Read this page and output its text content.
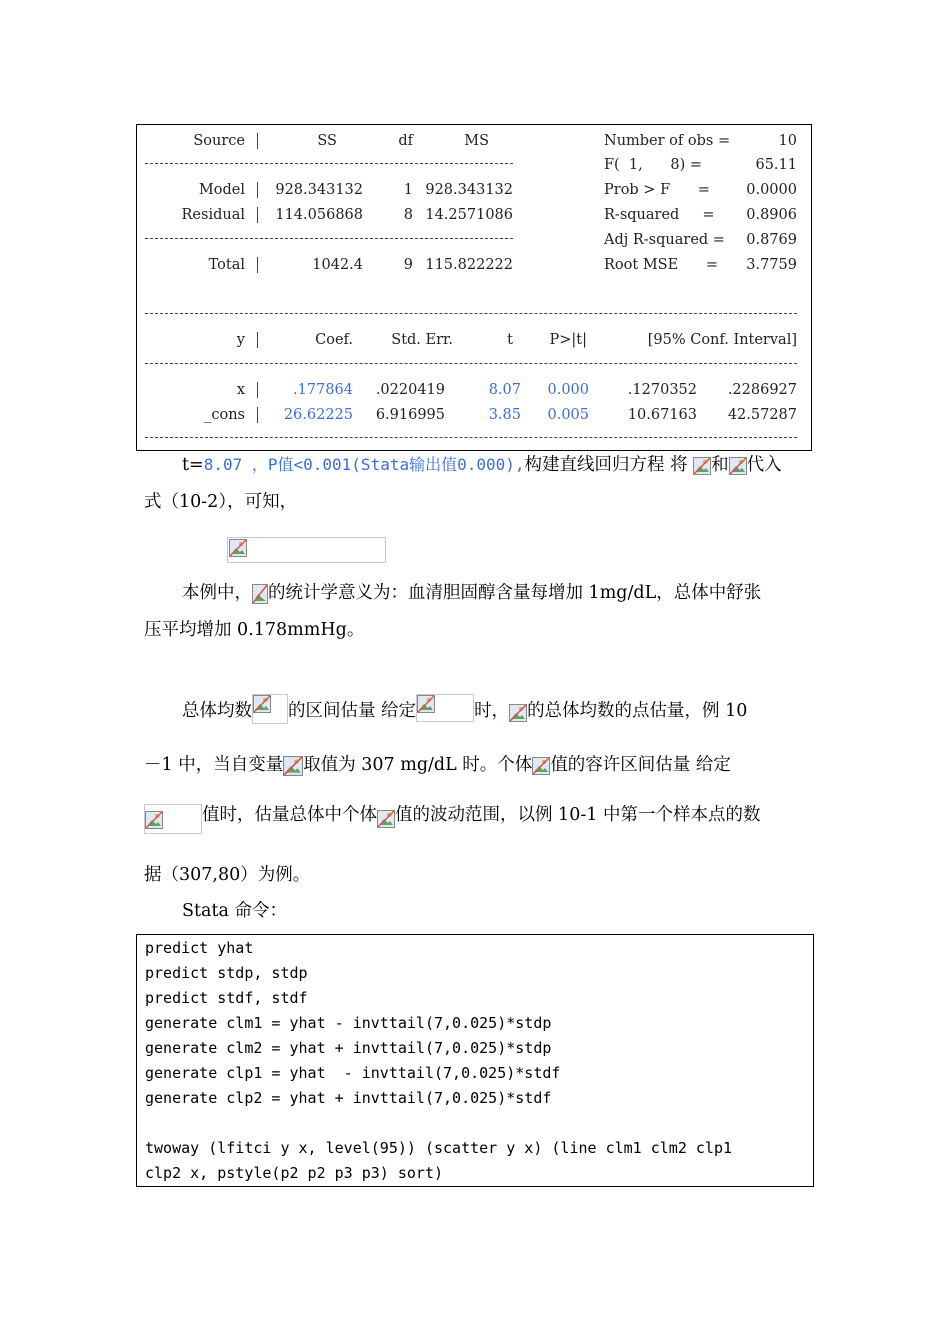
Source	SS	df	MS
Model	928.343132	1 928.343132
Residual	114.056868	8 14.2571086
Total	1042.4	9 115.822222
Number of obs =	10
F(  1,      8) =	65.11
Prob > F      =	0.0000
R-squared     =	0.8906
Adj R-squared =	0.8769
Root MSE      =	3.7759
y	Coef.	Std. Err.	t	P>|t|	[95% Conf. Interval]
x	.177864	.0220419	8.07	0.000	.1270352	.2286927
_cons	26.62225	6.916995	3.85	0.005	10.67163	42.57287
t=8.07 ，P值<0.001(Stata输出值0.000),构建直线回归方程 将 和 代入
式（10-2），可知，
本例中， 的统计学意义为：血清胆固醇含量每增加 1mg/dL，总体中舒张
压平均增加 0.178mmHg。
总体均数 的区间估量 给定	时， 的总体均数的点估量，例 10
－1 中，当自变量 取值为 307 mg/dL 时。个体 值的容许区间估量 给定
值时，估量总体中个体 值的波动范围，以例 10-1 中第一个样本点的数
据（307,80）为例。
Stata 命令：
predict yhat
predict stdp, stdp
predict stdf, stdf
generate clm1 = yhat - invttail(7,0.025)*stdp
generate clm2 = yhat + invttail(7,0.025)*stdp
generate clp1 = yhat  - invttail(7,0.025)*stdf
generate clp2 = yhat + invttail(7,0.025)*stdf
twoway (lfitci y x, level(95)) (scatter y x) (line clm1 clm2 clp1
clp2 x, pstyle(p2 p2 p3 p3) sort)
